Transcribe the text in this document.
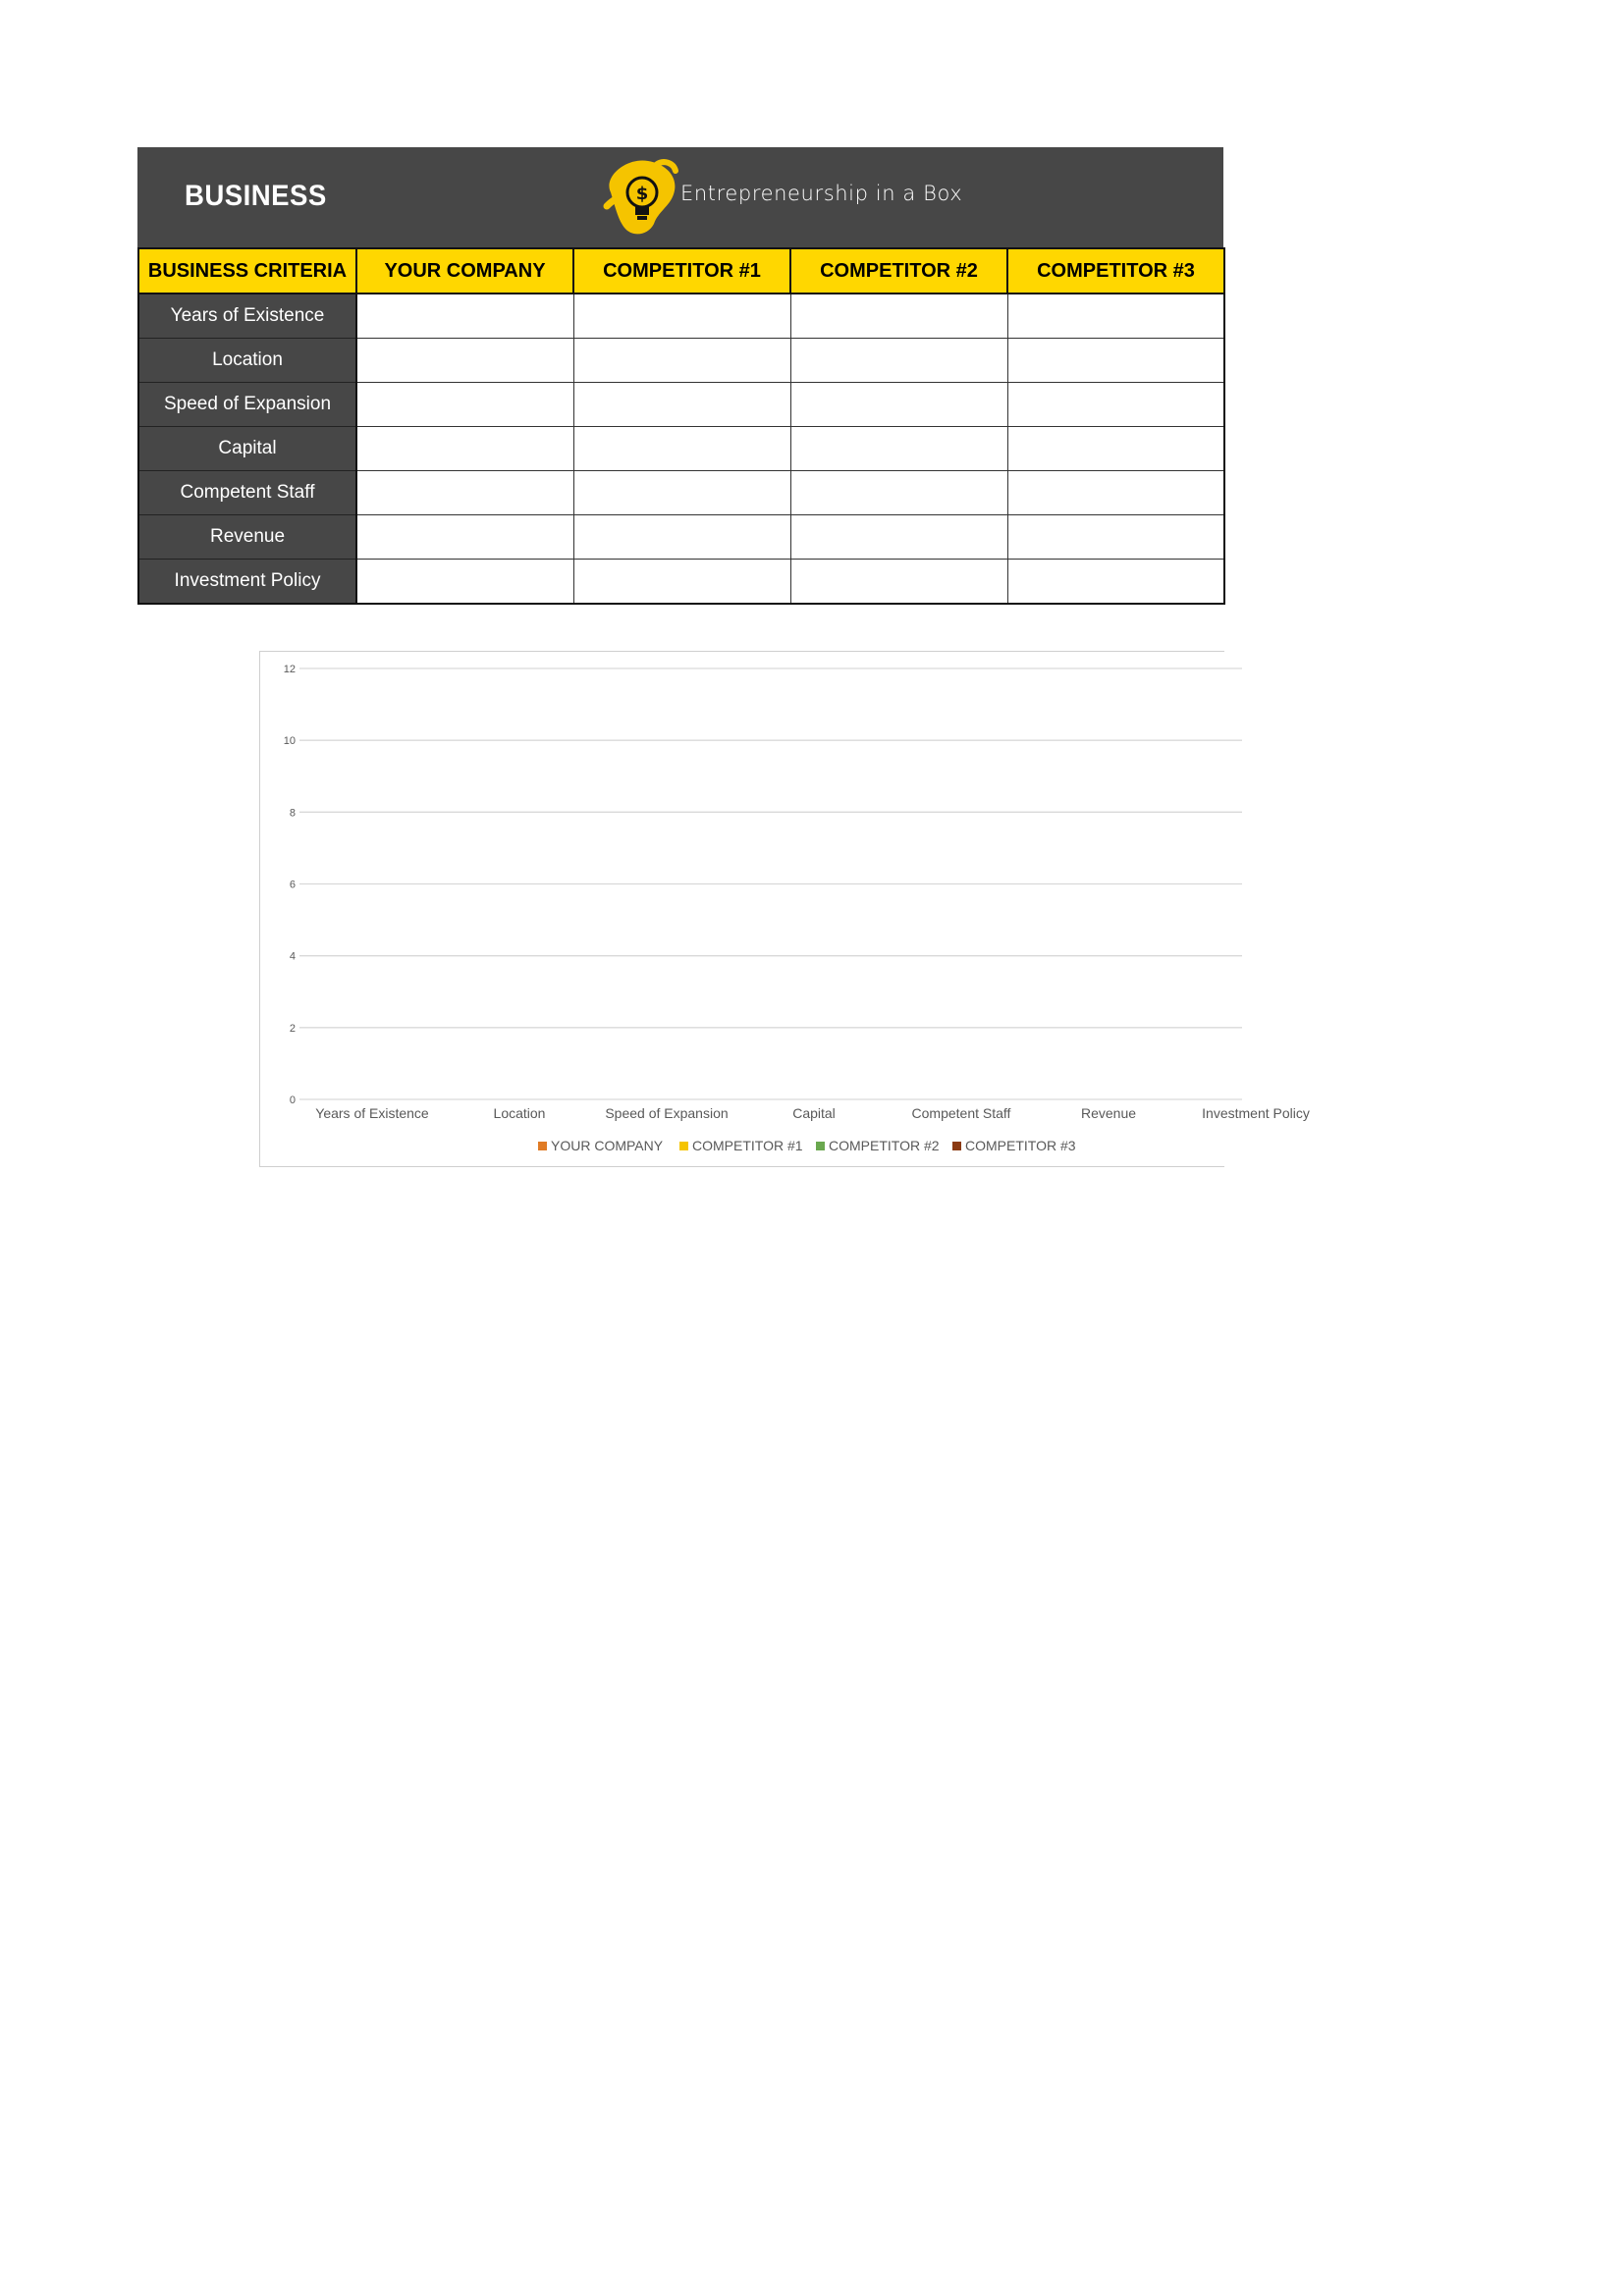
BUSINESS	$ Entrepreneurship in a Box
BUSINESS CRITERIA	YOUR COMPANY	COMPETITOR #1	COMPETITOR #2	COMPETITOR #3
Years of Existence				
Location				
Speed of Expansion				
Capital				
Competent Staff				
Revenue				
Investment Policy				
0
2
4
6
8
10
12
Years of Existence	Location	Speed of Expansion	Capital	Competent Staff	Revenue	Investment Policy
YOUR COMPANY COMPETITOR #1 COMPETITOR #2 COMPETITOR #3
